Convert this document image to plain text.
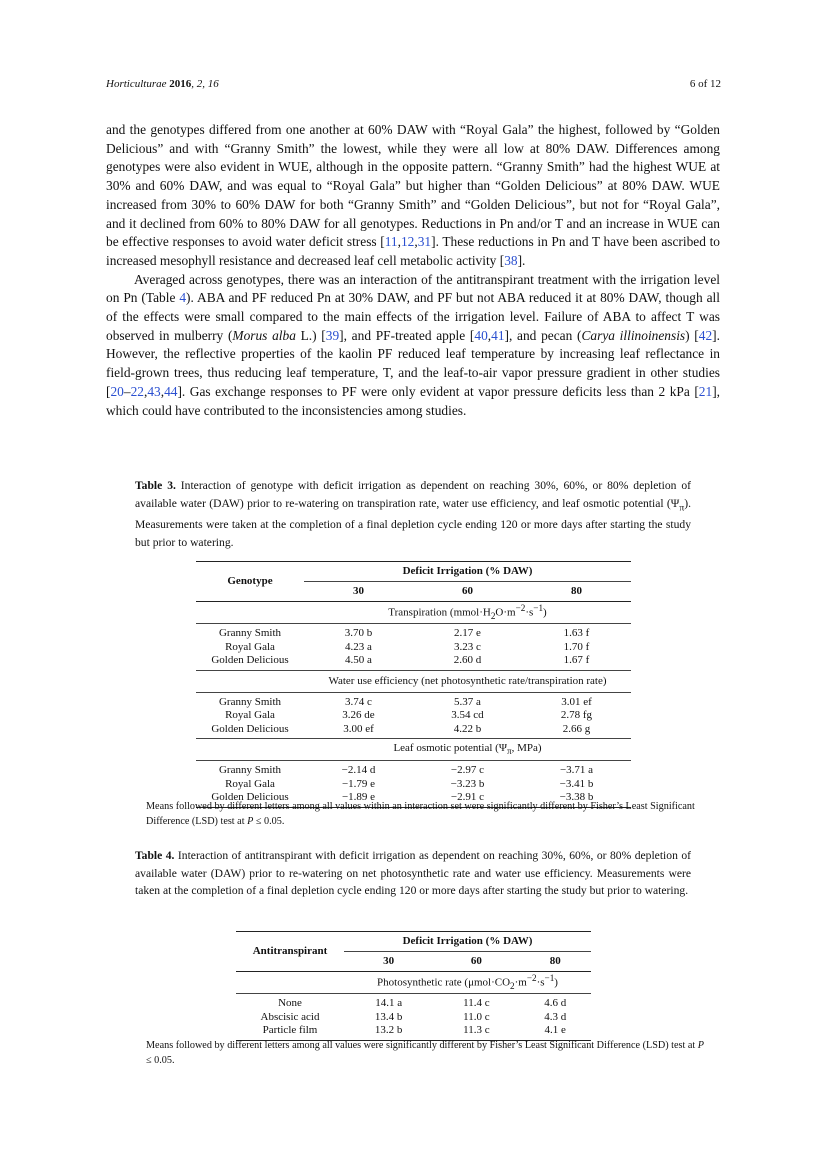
Horticulturae 2016, 2, 16	6 of 12

and the genotypes differed from one another at 60% DAW with “Royal Gala” the highest, followed by “Golden Delicious” and with “Granny Smith” the lowest, while they were all low at 80% DAW. Differences among genotypes were also evident in WUE, although in the opposite pattern. “Granny Smith” had the highest WUE at 30% and 60% DAW, and was equal to “Royal Gala” but higher than “Golden Delicious” at 80% DAW. WUE increased from 30% to 60% DAW for both “Granny Smith” and “Golden Delicious”, but not for “Royal Gala”, and it declined from 60% to 80% DAW for all genotypes. Reductions in Pn and/or T and an increase in WUE can be effective responses to avoid water deficit stress [11,12,31]. These reductions in Pn and T have been ascribed to increased mesophyll resistance and decreased leaf cell metabolic activity [38].

Averaged across genotypes, there was an interaction of the antitranspirant treatment with the irrigation level on Pn (Table 4). ABA and PF reduced Pn at 30% DAW, and PF but not ABA reduced it at 80% DAW, though all of the effects were small compared to the main effects of the irrigation level. Failure of ABA to affect T was observed in mulberry (Morus alba L.) [39], and PF-treated apple [40,41], and pecan (Carya illinoinensis) [42]. However, the reflective properties of the kaolin PF reduced leaf temperature by increasing leaf reflectance in field-grown trees, thus reducing leaf temperature, T, and the leaf-to-air vapor pressure gradient in other studies [20–22,43,44]. Gas exchange responses to PF were only evident at vapor pressure deficits less than 2 kPa [21], which could have contributed to the inconsistencies among studies.

Table 3. Interaction of genotype with deficit irrigation as dependent on reaching 30%, 60%, or 80% depletion of available water (DAW) prior to re-watering on transpiration rate, water use efficiency, and leaf osmotic potential $(\Psi_\pi)$. Measurements were taken at the completion of a final depletion cycle ending 120 or more days after starting the study but prior to watering.
Genotype	Deficit Irrigation (% DAW)		
	30	60	80
	Transpiration $(mmol\cdot H_2O\cdot m^{-2}\cdot s^{-1})$		
Granny Smith	3.70 b	2.17 e	1.63 f
Royal Gala	4.23 a	3.23 c	1.70 f
Golden Delicious	4.50 a	2.60 d	1.67 f
	Water use efficiency (net photosynthetic rate/transpiration rate)		
Granny Smith	3.74 c	5.37 a	3.01 ef
Royal Gala	3.26 de	3.54 cd	2.78 fg
Golden Delicious	3.00 ef	4.22 b	2.66 g
	Leaf osmotic potential ($\Psi_\pi$, MPa)		
Granny Smith	−2.14 d	−2.97 c	−3.71 a
Royal Gala	−1.79 e	−3.23 b	−3.41 b
Golden Delicious	−1.89 e	−2.91 c	−3.38 b
Means followed by different letters among all values within an interaction set were significantly different by Fisher’s Least Significant Difference (LSD) test at P ≤ 0.05.
Table 4. Interaction of antitranspirant with deficit irrigation as dependent on reaching 30%, 60%, or 80% depletion of available water (DAW) prior to re-watering on net photosynthetic rate and water use efficiency. Measurements were taken at the completion of a final depletion cycle ending 120 or more days after starting the study but prior to watering.
Antitranspirant	Deficit Irrigation (% DAW)		
	30	60	80
	Photosynthetic rate $(\mu mol\cdot CO_2\cdot m^{-2}\cdot s^{-1})$		
None	14.1 a	11.4 c	4.6 d
Abscisic acid	13.4 b	11.0 c	4.3 d
Particle film	13.2 b	11.3 c	4.1 e
Means followed by different letters among all values were significantly different by Fisher’s Least Significant Difference (LSD) test at P ≤ 0.05.
